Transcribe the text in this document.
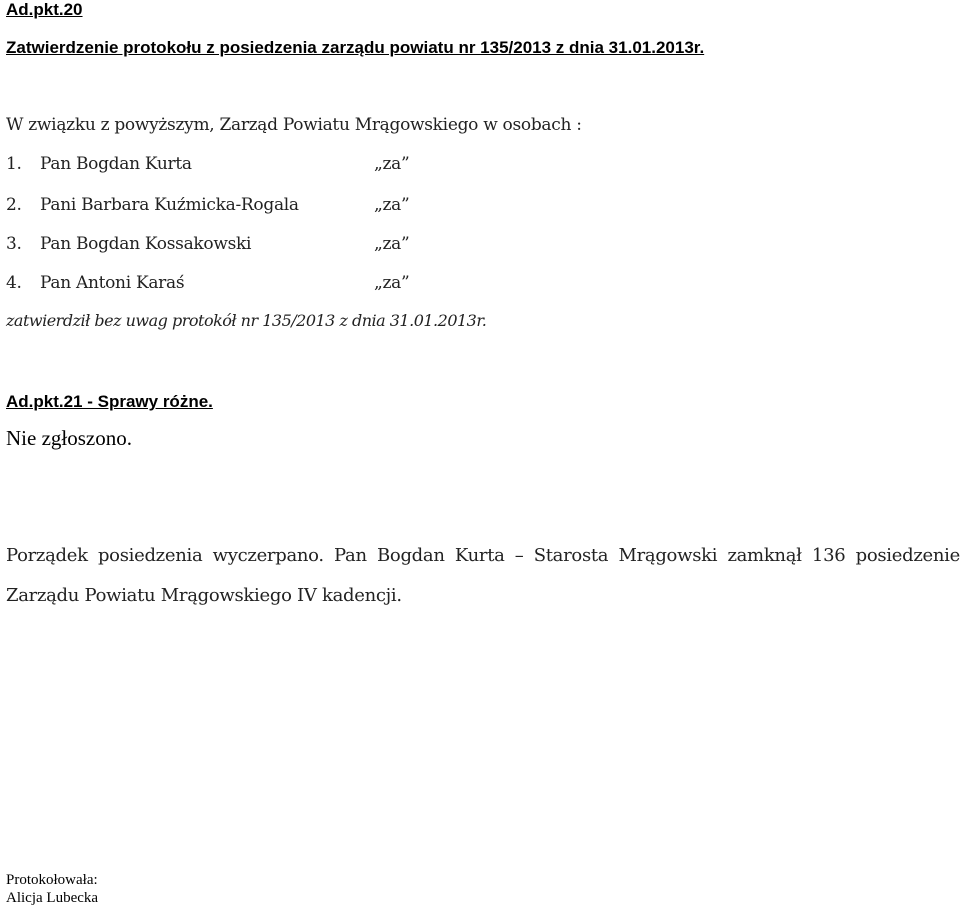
Ad.pkt.20
Zatwierdzenie protokołu z posiedzenia zarządu powiatu nr 135/2013 z dnia 31.01.2013r.
W związku z powyższym, Zarząd Powiatu Mrągowskiego w osobach :
1. Pan Bogdan Kurta	„za”
2. Pani Barbara Kuźmicka-Rogala	„za”
3. Pan Bogdan Kossakowski	„za”
4. Pan Antoni Karaś	„za”
zatwierdził bez uwag protokół nr 135/2013 z dnia 31.01.2013r.
Ad.pkt.21 - Sprawy różne.
Nie zgłoszono.
Porządek posiedzenia wyczerpano. Pan Bogdan Kurta – Starosta Mrągowski zamknął 136 posiedzenie
Zarządu Powiatu Mrągowskiego IV kadencji.
Protokołowała:
Alicja Lubecka
